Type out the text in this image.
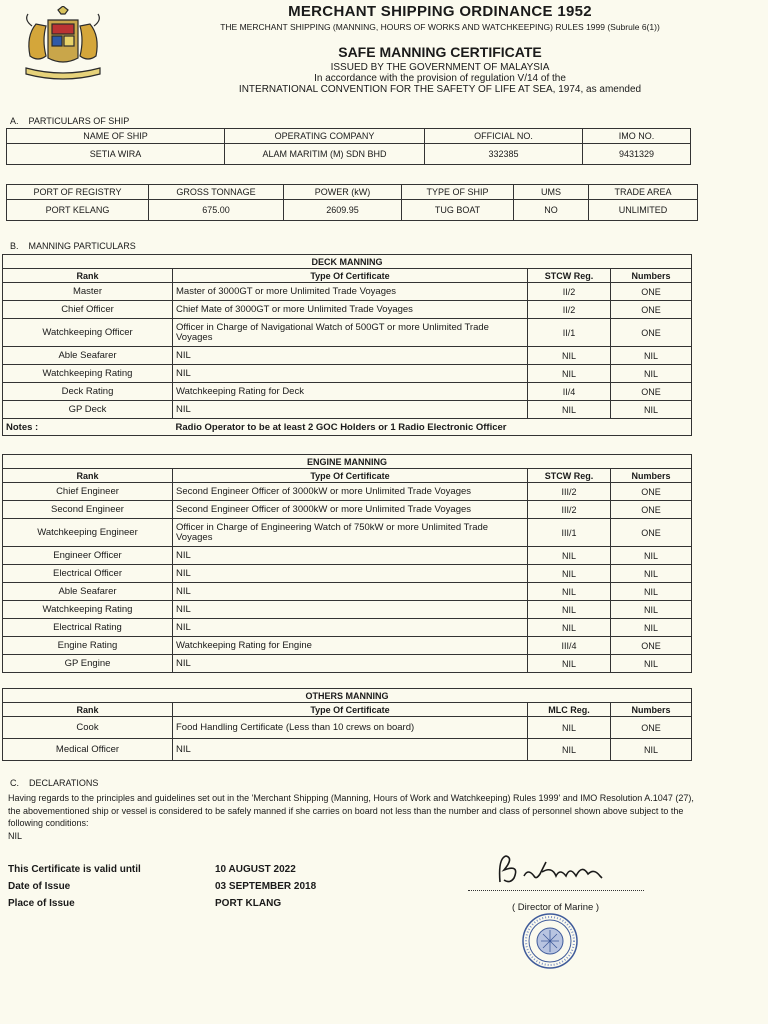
MERCHANT SHIPPING ORDINANCE 1952
THE MERCHANT SHIPPING (MANNING, HOURS OF WORKS AND WATCHKEEPING) RULES 1999 (Subrule 6(1))
SAFE MANNING CERTIFICATE
ISSUED BY THE GOVERNMENT OF MALAYSIA
In accordance with the provision of regulation V/14 of the
INTERNATIONAL CONVENTION FOR THE SAFETY OF LIFE AT SEA, 1974, as amended
A. PARTICULARS OF SHIP
NAME OF SHIP	OPERATING COMPANY	OFFICIAL NO.	IMO NO.
SETIA WIRA	ALAM MARITIM (M) SDN BHD	332385	9431329
PORT OF REGISTRY	GROSS TONNAGE	POWER (kW)	TYPE OF SHIP	UMS	TRADE AREA
PORT KELANG	675.00	2609.95	TUG BOAT	NO	UNLIMITED
B. MANNING PARTICULARS
DECK MANNING			
Rank	Type Of Certificate	STCW Reg.	Numbers
Master	Master of 3000GT or more Unlimited Trade Voyages	II/2	ONE
Chief Officer	Chief Mate of 3000GT or more Unlimited Trade Voyages	II/2	ONE
Watchkeeping Officer	Officer in Charge of Navigational Watch of 500GT or more Unlimited Trade Voyages	II/1	ONE
Able Seafarer	NIL	NIL	NIL
Watchkeeping Rating	NIL	NIL	NIL
Deck Rating	Watchkeeping Rating for Deck	II/4	ONE
GP Deck	NIL	NIL	NIL
Notes :	Radio Operator to be at least 2 GOC Holders or 1 Radio Electronic Officer		
ENGINE MANNING			
Rank	Type Of Certificate	STCW Reg.	Numbers
Chief Engineer	Second Engineer Officer of 3000kW or more Unlimited Trade Voyages	III/2	ONE
Second Engineer	Second Engineer Officer of 3000kW or more Unlimited Trade Voyages	III/2	ONE
Watchkeeping Engineer	Officer in Charge of Engineering Watch of 750kW or more Unlimited Trade Voyages	III/1	ONE
Engineer Officer	NIL	NIL	NIL
Electrical Officer	NIL	NIL	NIL
Able Seafarer	NIL	NIL	NIL
Watchkeeping Rating	NIL	NIL	NIL
Electrical Rating	NIL	NIL	NIL
Engine Rating	Watchkeeping Rating for Engine	III/4	ONE
GP Engine	NIL	NIL	NIL
OTHERS MANNING			
Rank	Type Of Certificate	MLC Reg.	Numbers
Cook	Food Handling Certificate (Less than 10 crews on board)	NIL	ONE
Medical Officer	NIL	NIL	NIL
C. DECLARATIONS
Having regards to the principles and guidelines set out in the 'Merchant Shipping (Manning, Hours of Work and Watchkeeping) Rules 1999' and IMO Resolution A.1047 (27), the abovementioned ship or vessel is considered to be safely manned if she carries on board not less than the number and class of personnel shown above subject to the following conditions:
NIL
This Certificate is valid until	10 AUGUST 2022
Date of Issue	03 SEPTEMBER 2018
Place of Issue	PORT KLANG	( Director of Marine )
